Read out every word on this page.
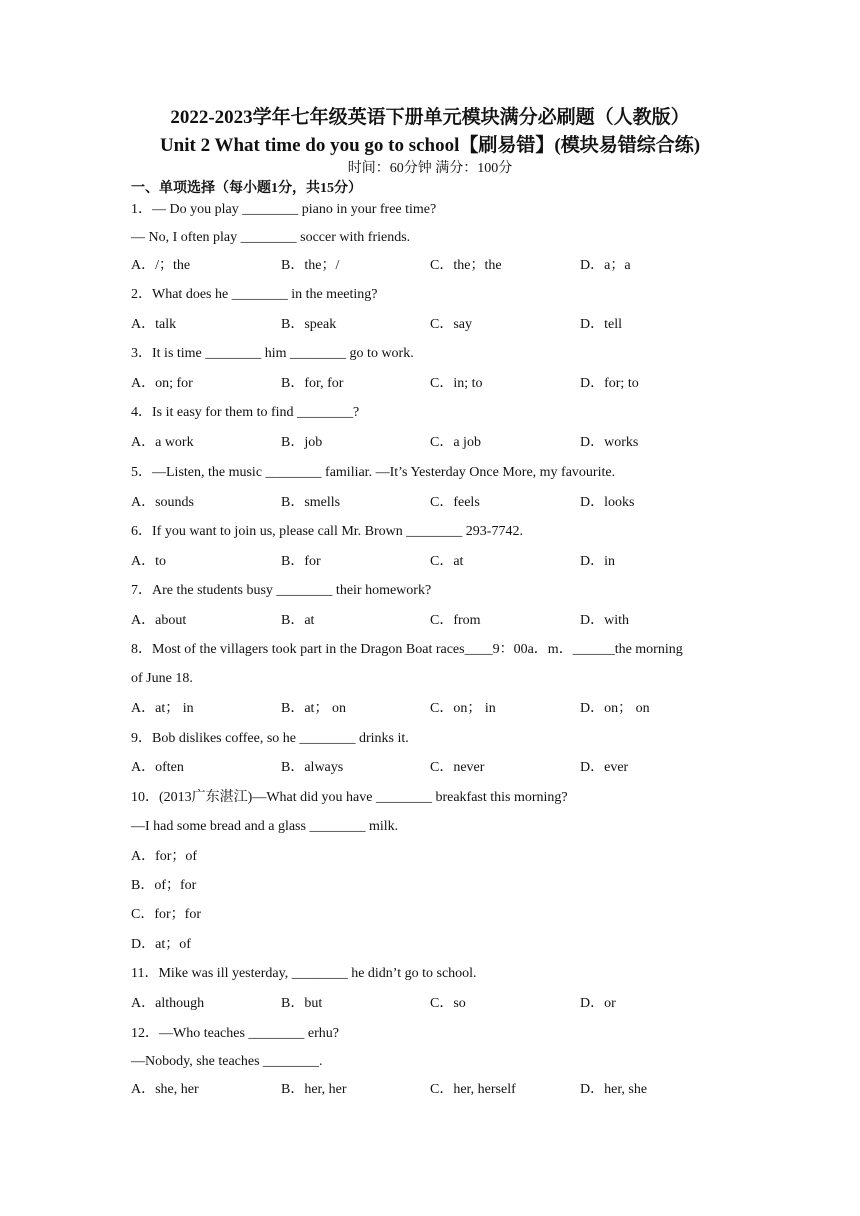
2022-2023学年七年级英语下册单元模块满分必刷题（人教版）
Unit 2 What time do you go to school【刷易错】(模块易错综合练)
时间：60分钟 满分：100分
一、单项选择（每小题1分，共15分）
1．— Do you play ________ piano in your free time?
— No, I often play ________ soccer with friends.
A．/；the	B．the；/	C．the；the	D．a；a
2．What does he ________ in the meeting?
A．talk	B．speak	C．say	D．tell
3．It is time ________ him ________ go to work.
A．on; for	B．for, for	C．in; to	D．for; to
4．Is it easy for them to find ________?
A．a work	B．job	C．a job	D．works
5．—Listen, the music ________ familiar. —It’s Yesterday Once More, my favourite.
A．sounds	B．smells	C．feels	D．looks
6．If you want to join us, please call Mr. Brown ________ 293-7742.
A．to	B．for	C．at	D．in
7．Are the students busy ________ their homework?
A．about	B．at	C．from	D．with
8．Most of the villagers took part in the Dragon Boat races____9：00a．m．______the morning
of June 18.
A．at； in	B．at； on	C．on； in	D．on； on
9．Bob dislikes coffee, so he ________ drinks it.
A．often	B．always	C．never	D．ever
10．(2013广东湛江)—What did you have ________ breakfast this morning?
—I had some bread and a glass ________ milk.
A．for；of
B．of；for
C．for；for
D．at；of
11．Mike was ill yesterday, ________ he didn’t go to school.
A．although	B．but	C．so	D．or
12．—Who teaches ________ erhu?
—Nobody, she teaches ________.
A．she, her	B．her, her	C．her, herself	D．her, she
